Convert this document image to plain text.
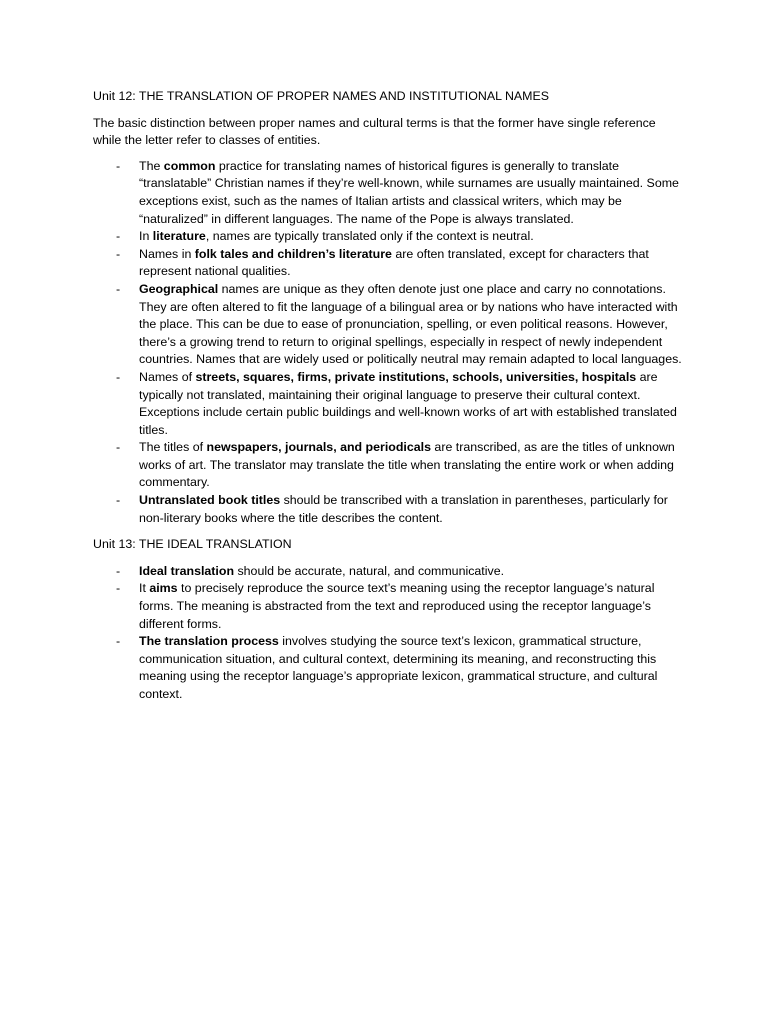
Unit 12: THE TRANSLATION OF PROPER NAMES AND INSTITUTIONAL NAMES

The basic distinction between proper names and cultural terms is that the former have single reference while the letter refer to classes of entities.

- The common practice for translating names of historical figures is generally to translate “translatable” Christian names if they’re well-known, while surnames are usually maintained. Some exceptions exist, such as the names of Italian artists and classical writers, which may be “naturalized” in different languages. The name of the Pope is always translated.
- In literature, names are typically translated only if the context is neutral.
- Names in folk tales and children’s literature are often translated, except for characters that represent national qualities.
- Geographical names are unique as they often denote just one place and carry no connotations. They are often altered to fit the language of a bilingual area or by nations who have interacted with the place. This can be due to ease of pronunciation, spelling, or even political reasons. However, there’s a growing trend to return to original spellings, especially in respect of newly independent countries. Names that are widely used or politically neutral may remain adapted to local languages.
- Names of streets, squares, firms, private institutions, schools, universities, hospitals are typically not translated, maintaining their original language to preserve their cultural context. Exceptions include certain public buildings and well-known works of art with established translated titles.
- The titles of newspapers, journals, and periodicals are transcribed, as are the titles of unknown works of art. The translator may translate the title when translating the entire work or when adding commentary.
- Untranslated book titles should be transcribed with a translation in parentheses, particularly for non-literary books where the title describes the content.

Unit 13: THE IDEAL TRANSLATION

- Ideal translation should be accurate, natural, and communicative.
- It aims to precisely reproduce the source text’s meaning using the receptor language’s natural forms. The meaning is abstracted from the text and reproduced using the receptor language’s different forms.
- The translation process involves studying the source text’s lexicon, grammatical structure, communication situation, and cultural context, determining its meaning, and reconstructing this meaning using the receptor language’s appropriate lexicon, grammatical structure, and cultural context.
